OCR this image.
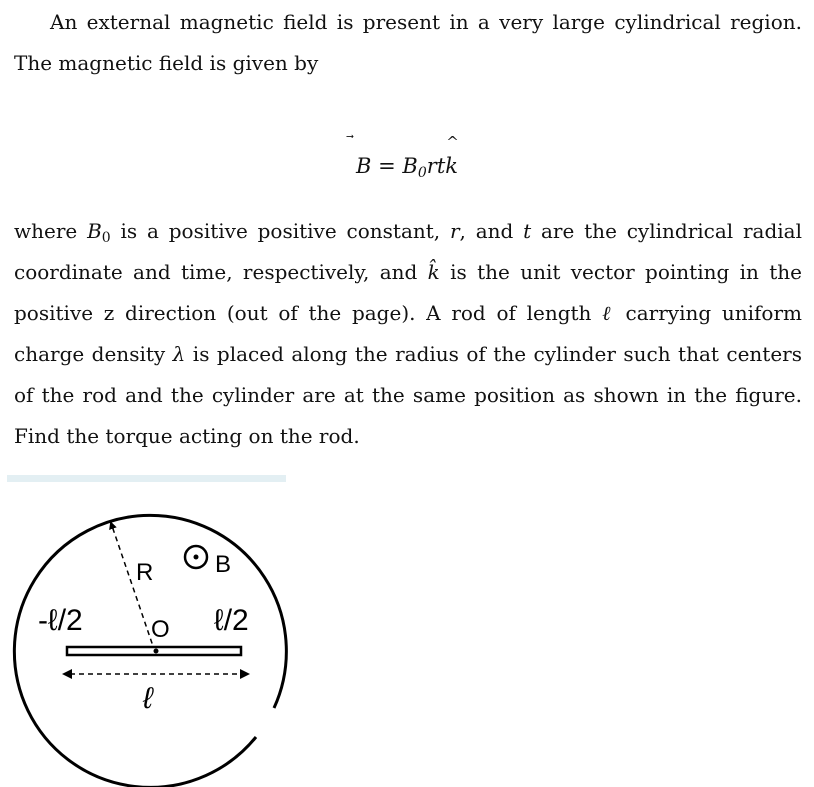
An external magnetic field is present in a very large cylindrical region. The magnetic field is given by
$B = B_0rt$
^
k
where $B_0$ is a positive positive constant, r, and t are the cylindrical radial coordinate and time, respectively, and k̂ is the unit vector pointing in the positive z direction (out of the page). A rod of length ℓ carrying uniform charge density λ is placed along the radius of the cylinder such that centers of the rod and the cylinder are at the same position as shown in the figure. Find the torque acting on the rod.
R	B
O
-ℓ/2	ℓ/2
ℓ
